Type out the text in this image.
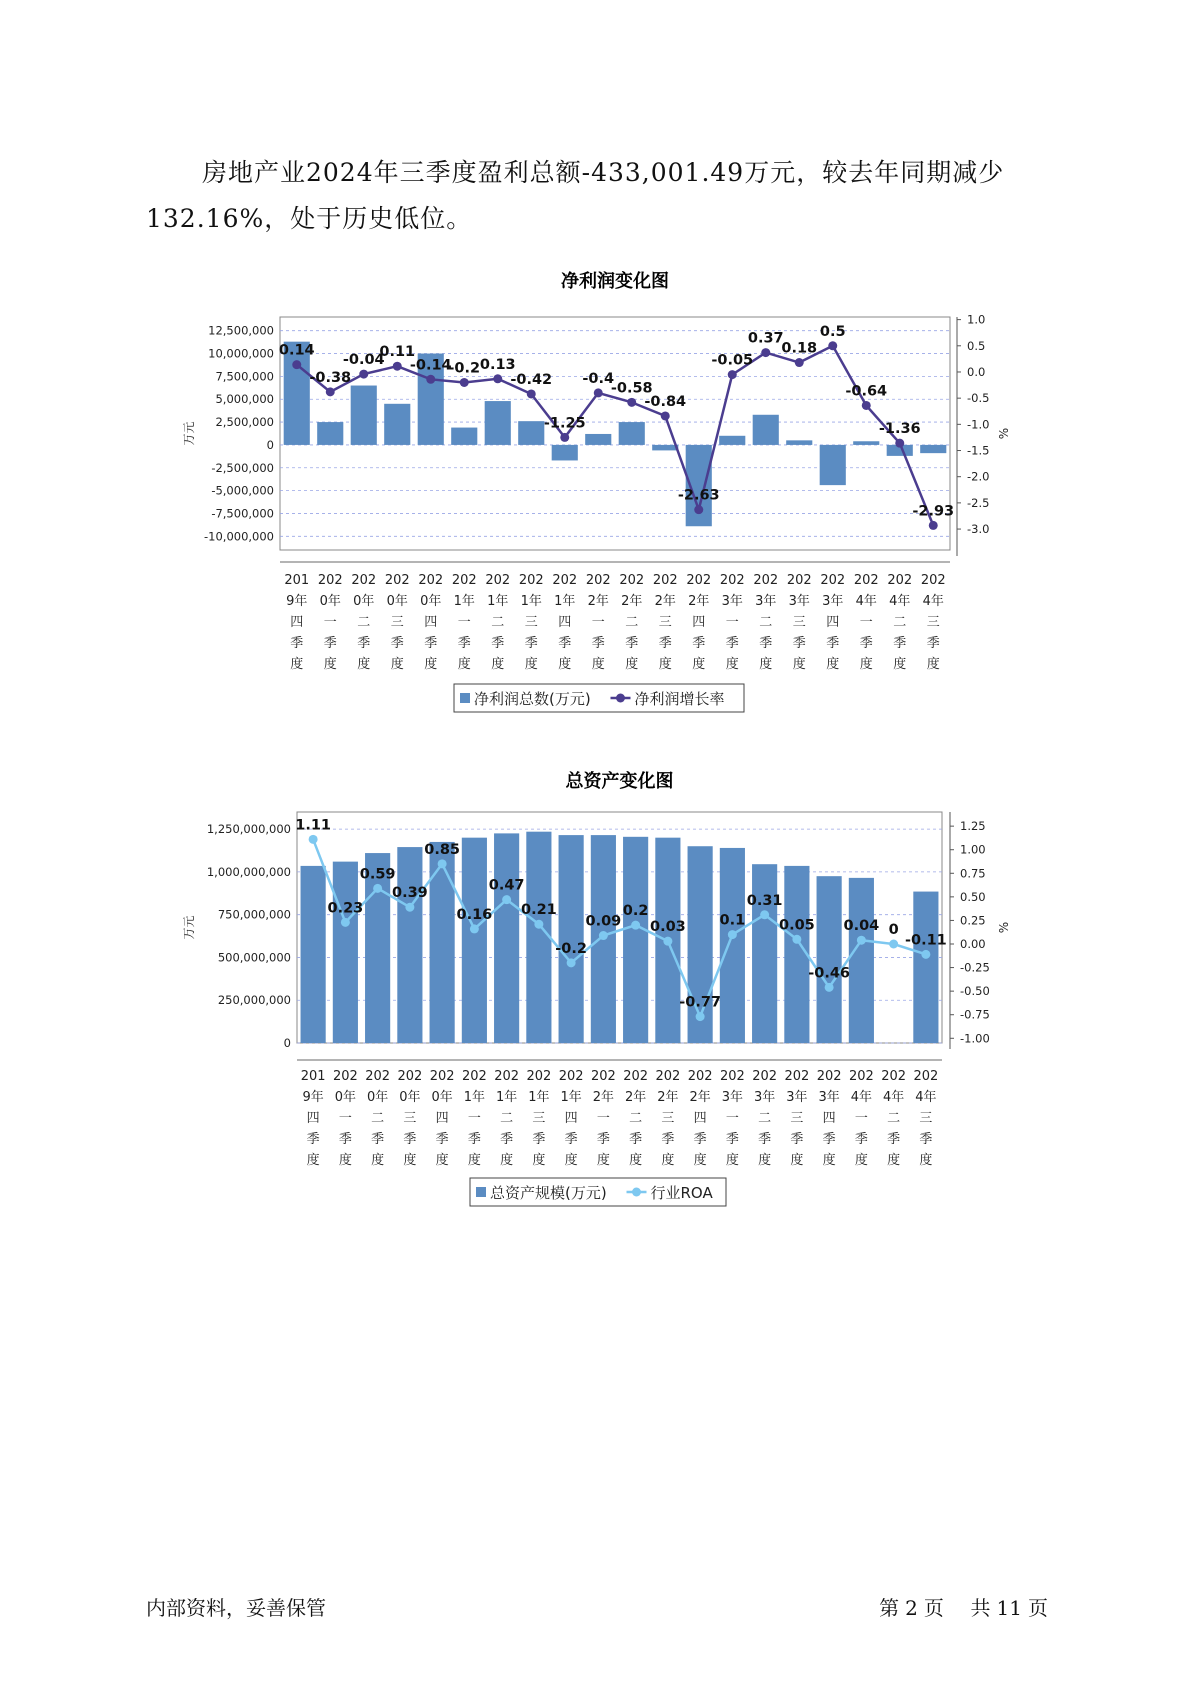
房地产业2024年三季度盈利总额-433,001.49万元，较去年同期减少132.16%，处于历史低位。

净利润变化图
12,500,000
10,000,000
7,500,000
5,000,000
2,500,000
0
-2,500,000
-5,000,000
-7,500,000
-10,000,000
1.0
0.5
0.0
-0.5
-1.0
-1.5
-2.0
-2.5
-3.0
万元	%
0.14
-0.38
-0.04
0.11
-0.14
-0.2 0.13
-0.42
-1.25
-0.4
-0.58
-0.84
-2.63
-0.05
0.37
0.18
0.5
-0.64
-1.36
-2.93
201 9年四季度
202 0年一季度
202 0年二季度
202 0年三季度
202 0年四季度
202 1年一季度
202 1年二季度
202 1年三季度
202 1年四季度
202 2年一季度
202 2年二季度
202 2年三季度
202 2年四季度
202 3年一季度
202 3年二季度
202 3年三季度
202 3年四季度
202 4年一季度
202 4年二季度
202 4年三季度
净利润总数(万元)	净利润增长率
总资产变化图
1,250,000,000
1,000,000,000
750,000,000
500,000,000
250,000,000
0
1.25
1.00
0.75
0.50
0.25
0.00
-0.25
-0.50
-0.75
-1.00
万元	%
1.11
0.23
0.59
0.39
0.85
0.16
0.47
0.21
-0.2
0.09
0.2
0.03
-0.77
0.1
0.31
0.05
-0.46
0.04 0
-0.11
201 9年四季度
202 0年一季度
202 0年二季度
202 0年三季度
202 0年四季度
202 1年一季度
202 1年二季度
202 1年三季度
202 1年四季度
202 2年一季度
202 2年二季度
202 2年三季度
202 2年四季度
202 3年一季度
202 3年二季度
202 3年三季度
202 3年四季度
202 4年一季度
202 4年二季度
202 4年三季度
总资产规模(万元)	行业ROA
内部资料，妥善保管	第 2 页 共 11 页
